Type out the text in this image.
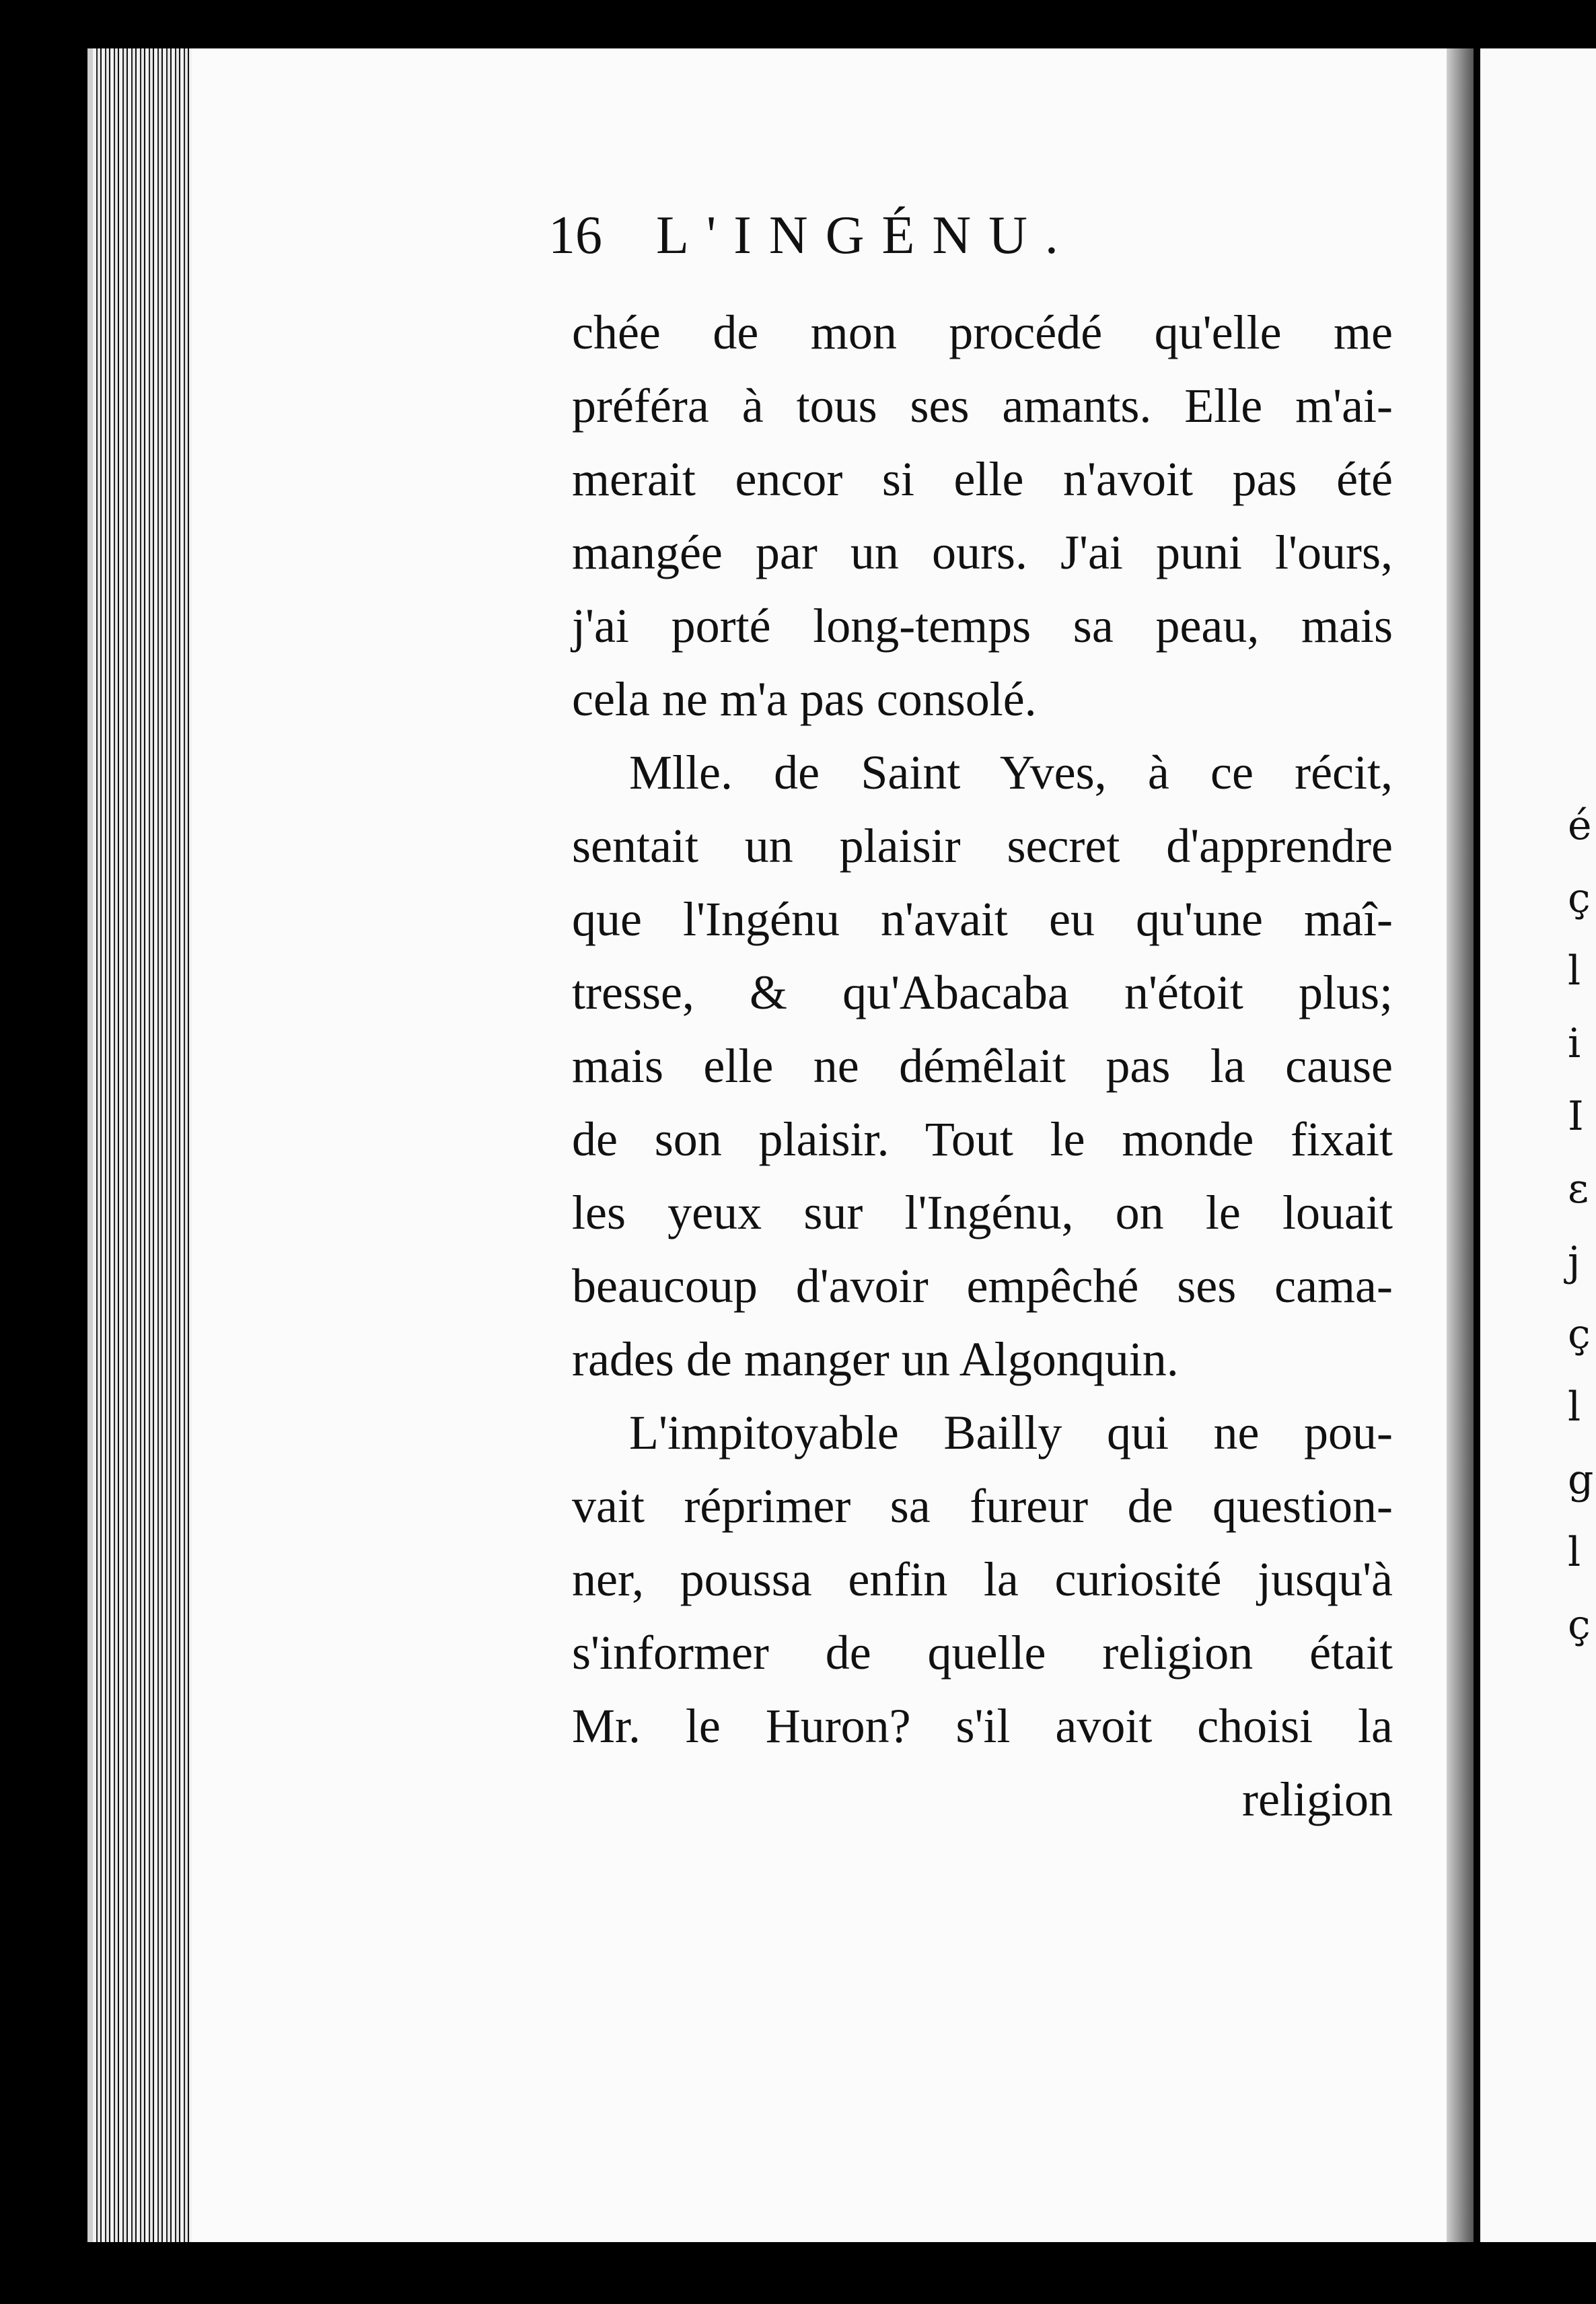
é
ç
l
i
I
ε
j
ç
l
g
l
ç
16 L'INGÉNU.
chée de mon procédé qu'elle me
préféra à tous ses amants. Elle m'ai-
merait encor si elle n'avoit pas été
mangée par un ours. J'ai puni l'ours,
j'ai porté long-temps sa peau, mais
cela ne m'a pas consolé.
Mlle. de Saint Yves, à ce récit,
sentait un plaisir secret d'apprendre
que l'Ingénu n'avait eu qu'une maî-
tresse, & qu'Abacaba n'étoit plus;
mais elle ne démêlait pas la cause
de son plaisir. Tout le monde fixait
les yeux sur l'Ingénu, on le louait
beaucoup d'avoir empêché ses cama-
rades de manger un Algonquin.
L'impitoyable Bailly qui ne pou-
vait réprimer sa fureur de question-
ner, poussa enfin la curiosité jusqu'à
s'informer de quelle religion était
Mr. le Huron? s'il avoit choisi la
religion
